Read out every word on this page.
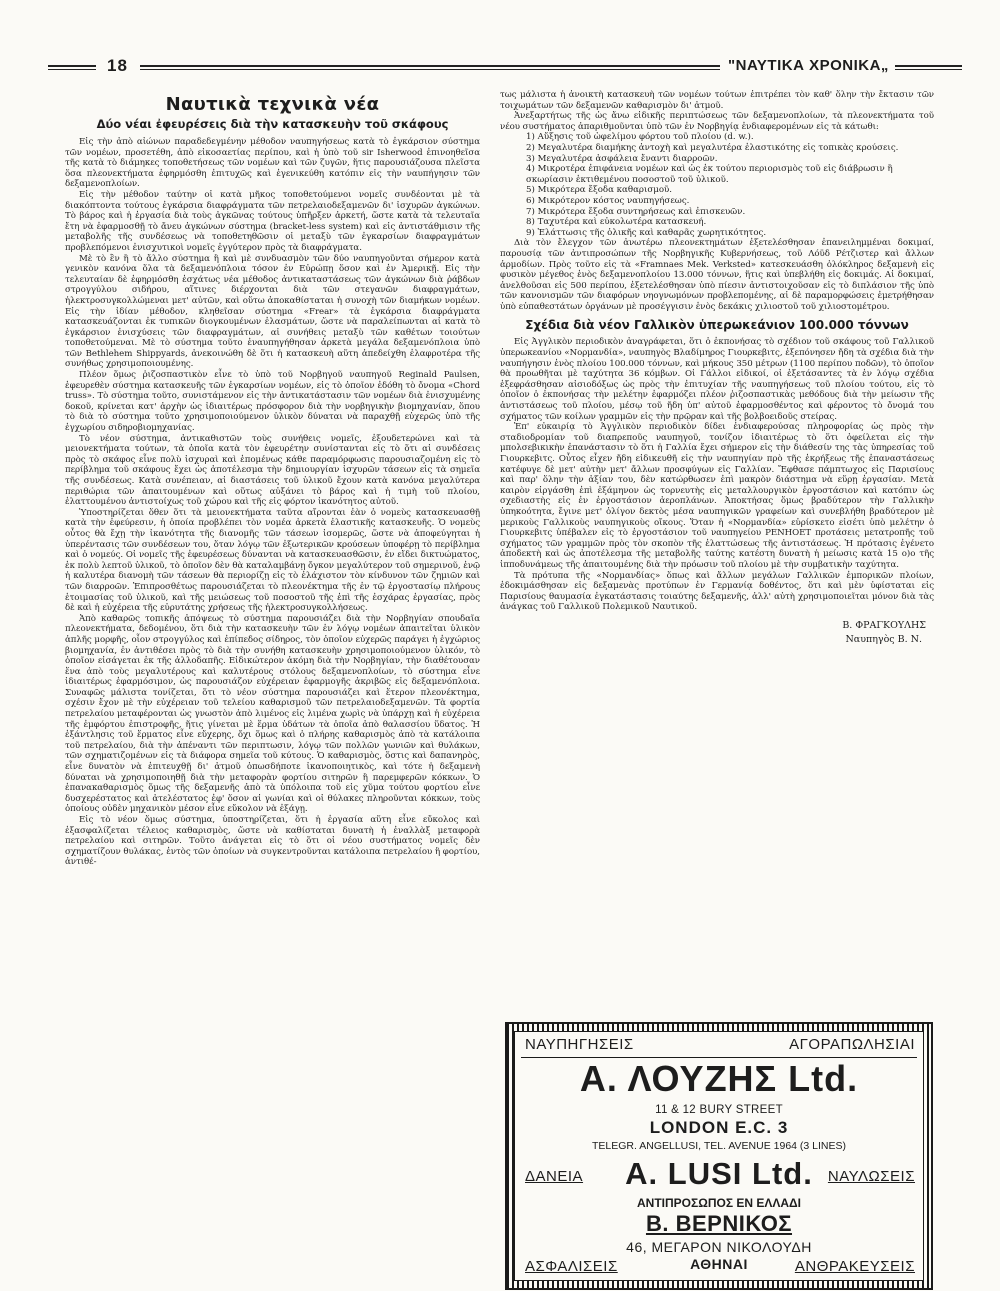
18	"ΝΑΥΤΙΚΑ ΧΡΟΝΙΚΑ„
Ναυτικὰ τεχνικὰ νέα
Δύο νέαι ἐφευρέσεις διὰ τὴν κατασκευὴν τοῦ σκάφους

Εἰς τὴν ἀπὸ αἰώνων παραδεδεγμένην μέθοδον ναυπηγήσεως κατὰ τὸ ἐγκάρσιον σύστημα τῶν νομέων, προσετέθη, ἀπὸ εἰκοσαετίας περίπου, καὶ ἡ ὑπὸ τοῦ sir Isherwood ἐπινοηθεῖσα τῆς κατὰ τὸ διάμηκες τοποθετήσεως τῶν νομέων καὶ τῶν ζυγῶν, ἥτις παρουσιάζουσα πλεῖστα ὅσα πλεονεκτήματα ἐφηρμόσθη ἐπιτυχῶς καὶ ἐγενικεύθη κατόπιν εἰς τὴν ναυπήγησιν τῶν δεξαμενοπλοίων.

Εἰς τὴν μέθοδον ταύτην οἱ κατὰ μῆκος τοποθετούμενοι νομεῖς συνδέονται μὲ τὰ διακόπτοντα τούτους ἐγκάρσια διαφράγματα τῶν πετρελαιοδεξαμενῶν δι' ἰσχυρῶν ἀγκώνων. Τὸ βάρος καὶ ἡ ἐργασία διὰ τοὺς ἀγκῶνας τούτους ὑπῆρξεν ἀρκετή, ὥστε κατὰ τὰ τελευταῖα ἔτη νὰ ἐφαρμοσθῇ τὸ ἄνευ ἀγκώνων σύστημα (bracket-less system) καὶ εἰς ἀντιστάθμισιν τῆς μεταβολῆς τῆς συνδέσεως νὰ τοποθετηθῶσιν οἱ μεταξὺ τῶν ἐγκαρσίων διαφραγμάτων προβλεπόμενοι ἐνισχυτικοὶ νομεῖς ἐγγύτερον πρὸς τὰ διαφράγματα.

Μὲ τὸ ἓν ἢ τὸ ἄλλο σύστημα ἢ καὶ μὲ συνδυασμὸν τῶν δύο ναυπηγοῦνται σήμερον κατὰ γενικὸν κανόνα ὅλα τὰ δεξαμενόπλοια τόσον ἐν Εὐρώπῃ ὅσον καὶ ἐν Ἀμερικῇ. Εἰς τὴν τελευταίαν δὲ ἐφηρμόσθη ἐσχάτως νέα μέθοδος ἀντικαταστάσεως τῶν ἀγκώνων διὰ ῥάβδων στρογγύλου σιδήρου, αἵτινες διέρχονται διὰ τῶν στεγανῶν διαφραγμάτων, ἠλεκτροσυγκολλώμεναι μετ' αὐτῶν, καὶ οὕτω ἀποκαθίσταται ἡ συνοχὴ τῶν διαμήκων νομέων. Εἰς τὴν ἰδίαν μέθοδον, κληθεῖσαν σύστημα «Frear» τὰ ἐγκάρσια διαφράγματα κατασκευάζονται ἐκ τυπικῶν διογκουμένων ἐλασμάτων, ὥστε νὰ παραλείπωνται αἱ κατὰ τὸ ἐγκάρσιον ἐνισχύσεις τῶν διαφραγμάτων, αἱ συνήθεις μεταξὺ τῶν καθέτων τοιούτων τοποθετούμεναι. Μὲ τὸ σύστημα τοῦτο ἐναυπηγήθησαν ἀρκετὰ μεγάλα δεξαμενόπλοια ὑπὸ τῶν Bethlehem Shippyards, ἀνεκοινώθη δὲ ὅτι ἡ κατασκευὴ αὕτη ἀπεδείχθη ἐλαφροτέρα τῆς συνήθως χρησιμοποιουμένης.

Πλέον ὅμως ῥιζοσπαστικὸν εἶνε τὸ ὑπὸ τοῦ Νορβηγοῦ ναυπηγοῦ Reginald Paulsen, ἐφευρεθὲν σύστημα κατασκευῆς τῶν ἐγκαρσίων νομέων, εἰς τὸ ὁποῖον ἐδόθη τὸ ὄνομα «Chord truss». Τὸ σύστημα τοῦτο, συνιστάμενον εἰς τὴν ἀντικατάστασιν τῶν νομέων διὰ ἐνισχυμένης δοκοῦ, κρίνεται κατ' ἀρχὴν ὡς ἰδιαιτέρως πρόσφορον διὰ τὴν νορβηγικὴν βιομηχανίαν, ὅπου τὸ διὰ τὸ σύστημα τοῦτο χρησιμοποιούμενον ὑλικὸν δύναται νὰ παραχθῇ εὐχερῶς ὑπὸ τῆς ἐγχωρίου σιδηροβιομηχανίας.

Τὸ νέον σύστημα, ἀντικαθιστῶν τοὺς συνήθεις νομεῖς, ἐξουδετερώνει καὶ τὰ μειονεκτήματα τούτων, τὰ ὁποῖα κατὰ τὸν ἐφευρέτην συνίστανται εἰς τὸ ὅτι αἱ συνδέσεις πρὸς τὸ σκάφος εἶνε πολὺ ἰσχυραὶ καὶ ἑπομένως κάθε παραμόρφωσις παρουσιαζομένη εἰς τὸ περίβλημα τοῦ σκάφους ἔχει ὡς ἀποτέλεσμα τὴν δημιουργίαν ἰσχυρῶν τάσεων εἰς τὰ σημεῖα τῆς συνδέσεως. Κατὰ συνέπειαν, αἱ διαστάσεις τοῦ ὑλικοῦ ἔχουν κατὰ κανόνα μεγαλύτερα περιθώρια τῶν ἀπαιτουμένων καὶ οὕτως αὐξάνει τὸ βάρος καὶ ἡ τιμὴ τοῦ πλοίου, ἐλαττουμένου ἀντιστοίχως τοῦ χώρου καὶ τῆς εἰς φόρτον ἱκανότητος αὐτοῦ.

Ὑποστηρίζεται ὅθεν ὅτι τὰ μειονεκτήματα ταῦτα αἴρονται ἐὰν ὁ νομεὺς κατασκευασθῇ κατὰ τὴν ἐφεύρεσιν, ἡ ὁποία προβλέπει τὸν νομέα ἀρκετὰ ἐλαστικῆς κατασκευῆς. Ὁ νομεὺς οὗτος θὰ ἔχῃ τὴν ἱκανότητα τῆς διανομῆς τῶν τάσεων ἰσομερῶς, ὥστε νὰ ἀποφεύγηται ἡ ὑπερέντασις τῶν συνδέσεων του, ὅταν λόγῳ τῶν ἐξωτερικῶν κρούσεων ὑποφέρῃ τὸ περίβλημα καὶ ὁ νομεύς. Οἱ νομεῖς τῆς ἐφευρέσεως δύνανται νὰ κατασκευασθῶσιν, ἐν εἴδει δικτυώματος, ἐκ πολὺ λεπτοῦ ὑλικοῦ, τὸ ὁποῖον δὲν θὰ καταλαμβάνῃ ὄγκον μεγαλύτερον τοῦ σημερινοῦ, ἐνῷ ἡ καλυτέρα διανομὴ τῶν τάσεων θὰ περιορίζῃ εἰς τὸ ἐλάχιστον τὸν κίνδυνον τῶν ζημιῶν καὶ τῶν διαρροῶν. Ἐπιπροσθέτως παρουσιάζεται τὸ πλεονέκτημα τῆς ἐν τῷ ἐργοστασίῳ πλήρους ἑτοιμασίας τοῦ ὑλικοῦ, καὶ τῆς μειώσεως τοῦ ποσοστοῦ τῆς ἐπὶ τῆς ἐσχάρας ἐργασίας, πρὸς δὲ καὶ ἡ εὐχέρεια τῆς εὐρυτάτης χρήσεως τῆς ἠλεκτροσυγκολλήσεως.

Ἀπὸ καθαρῶς τοπικῆς ἀπόψεως τὸ σύστημα παρουσιάζει διὰ τὴν Νορβηγίαν σπουδαῖα πλεονεκτήματα, δεδομένου, ὅτι διὰ τὴν κατασκευὴν τῶν ἐν λόγῳ νομέων ἀπαιτεῖται ὑλικὸν ἁπλῆς μορφῆς, οἷον στρογγύλος καὶ ἐπίπεδος σίδηρος, τὸν ὁποῖον εὐχερῶς παράγει ἡ ἐγχώριος βιομηχανία, ἐν ἀντιθέσει πρὸς τὸ διὰ τὴν συνήθη κατασκευὴν χρησιμοποιούμενον ὑλικόν, τὸ ὁποῖον εἰσάγεται ἐκ τῆς ἀλλοδαπῆς. Εἰδικώτερον ἀκόμη διὰ τὴν Νορβηγίαν, τὴν διαθέτουσαν ἕνα ἀπὸ τοὺς μεγαλυτέρους καὶ καλυτέρους στόλους δεξαμενοπλοίων, τὸ σύστημα εἶνε ἰδιαιτέρως ἐφαρμόσιμον, ὡς παρουσιάζον εὐχέρειαν ἐφαρμογῆς ἀκριβῶς εἰς δεξαμενόπλοια. Συναφῶς μάλιστα τονίζεται, ὅτι τὸ νέον σύστημα παρουσιάζει καὶ ἕτερον πλεονέκτημα, σχέσιν ἔχον μὲ τὴν εὐχέρειαν τοῦ τελείου καθαρισμοῦ τῶν πετρελαιοδεξαμενῶν. Τὰ φορτία πετρελαίου μεταφέρονται ὡς γνωστὸν ἀπὸ λιμένος εἰς λιμένα χωρὶς νὰ ὑπάρχῃ καὶ ἡ εὐχέρεια τῆς ἐμφόρτου ἐπιστροφῆς, ἥτις γίνεται μὲ ἕρμα ὑδάτων τὰ ὁποῖα ἀπὸ θαλασσίου ὕδατος. Ἡ ἐξάντλησις τοῦ ἕρματος εἶνε εὔχερης, ὄχι ὅμως καὶ ὁ πλήρης καθαρισμὸς ἀπὸ τὰ κατάλοιπα τοῦ πετρελαίου, διὰ τὴν ἀπέναντι τῶν περιπτωσιν, λόγῳ τῶν πολλῶν γωνιῶν καὶ θυλάκων, τῶν σχηματιζομένων εἰς τὰ διάφορα σημεῖα τοῦ κύτους. Ὁ καθαρισμὸς, ὅστις καὶ δαπανηρὸς, εἶνε δυνατὸν νὰ ἐπιτευχθῇ δι' ἀτμοῦ ὁπωσδήποτε ἱκανοποιητικὸς, καὶ τότε ἡ δεξαμενὴ δύναται νὰ χρησιμοποιηθῇ διὰ τὴν μεταφορὰν φορτίου σιτηρῶν ἢ παρεμφερῶν κόκκων. Ὁ ἐπανακαθαρισμὸς ὅμως τῆς δεξαμενῆς ἀπὸ τὰ ὑπόλοιπα τοῦ εἰς χῦμα τούτου φορτίου εἶνε δυσχερέστατος καὶ ἀτελέστατος ἐφ' ὅσον αἱ γωνίαι καὶ οἱ θύλακες πληροῦνται κόκκων, τοὺς ὁποίους οὐδὲν μηχανικὸν μέσον εἶνε εὔκολον νὰ ἐξάγῃ.

Εἰς τὸ νέον ὅμως σύστημα, ὑποστηρίζεται, ὅτι ἡ ἐργασία αὕτη εἶνε εὔκολος καὶ ἐξασφαλίζεται τέλειος καθαρισμὸς, ὥστε νὰ καθίσταται δυνατὴ ἡ ἐναλλὰξ μεταφορὰ πετρελαίου καὶ σιτηρῶν. Τοῦτο ἀνάγεται εἰς τὸ ὅτι οἱ νέου συστήματος νομεῖς δὲν σχηματίζουν θυλάκας, ἐντὸς τῶν ὁποίων νὰ συγκεντροῦνται κατάλοιπα πετρελαίου ἢ φορτίου, ἀντιθέ-

τως μάλιστα ἡ ἀνοικτὴ κατασκευὴ τῶν νομέων τούτων ἐπιτρέπει τὸν καθ' ὅλην τὴν ἔκτασιν τῶν τοιχωμάτων τῶν δεξαμενῶν καθαρισμὸν δι' ἀτμοῦ.

Ἀνεξαρτήτως τῆς ὡς ἄνω εἰδικῆς περιπτώσεως τῶν δεξαμενοπλοίων, τὰ πλεονεκτήματα τοῦ νέου συστήματος ἀπαριθμοῦνται ὑπὸ τῶν ἐν Νορβηγίᾳ ἐνδιαφερομένων εἰς τὰ κάτωθι:

1) Αὔξησις τοῦ ὠφελίμου φόρτου τοῦ πλοίου (d. w.).
2) Μεγαλυτέρα διαμήκης ἀντοχὴ καὶ μεγαλυτέρα ἐλαστικότης εἰς τοπικὰς κρούσεις.
3) Μεγαλυτέρα ἀσφάλεια ἔναντι διαρροῶν.
4) Μικροτέρα ἐπιφάνεια νομέων καὶ ὡς ἐκ τούτου περιορισμὸς τοῦ εἰς διάβρωσιν ἢ σκωρίασιν ἐκτιθεμένου ποσοστοῦ τοῦ ὑλικοῦ.
5) Μικρότερα ἔξοδα καθαρισμοῦ.
6) Μικρότερον κόστος ναυπηγήσεως.
7) Μικρότερα ἔξοδα συντηρήσεως καὶ ἐπισκευῶν.
8) Ταχυτέρα καὶ εὐκολωτέρα κατασκευή.
9) Ἐλάττωσις τῆς ὁλικῆς καὶ καθαρᾶς χωρητικότητος.

Διὰ τὸν ἔλεγχον τῶν ἀνωτέρω πλεονεκτημάτων ἐξετελέσθησαν ἐπανειλημμέναι δοκιμαί, παρουσίᾳ τῶν ἀντιπροσώπων τῆς Νορβηγικῆς Κυβερνήσεως, τοῦ Λόϋδ Ρέτζιστερ καὶ ἄλλων ἁρμοδίων. Πρὸς τοῦτο εἰς τὰ «Framnaes Mek. Verksted» κατεσκευάσθη ὁλόκληρος δεξαμενὴ εἰς φυσικὸν μέγεθος ἑνὸς δεξαμενοπλοίου 13.000 τόννων, ἥτις καὶ ὑπεβλήθη εἰς δοκιμάς. Αἱ δοκιμαί, ἀνελθοῦσαι εἰς 500 περίπου, ἐξετελέσθησαν ὑπὸ πίεσιν ἀντιστοιχοῦσαν εἰς τὸ διπλάσιον τῆς ὑπὸ τῶν κανονισμῶν τῶν διαφόρων νηογνωμόνων προβλεπομένης, αἱ δὲ παραμορφώσεις ἐμετρήθησαν ὑπὸ εὐπαθεστάτων ὀργάνων μὲ προσέγγισιν ἑνὸς δεκάκις χιλιοστοῦ τοῦ χιλιοστομέτρου.

Σχέδια διὰ νέον Γαλλικὸν ὑπερωκεάνιον 100.000 τόννων

Εἰς Ἀγγλικὸν περιοδικὸν ἀναγράφεται, ὅτι ὁ ἐκπονήσας τὸ σχέδιον τοῦ σκάφους τοῦ Γαλλικοῦ ὑπερωκεανίου «Νορμανδία», ναυπηγὸς Βλαδίμηρος Γιουρκεβιτς, ἐξεπόνησεν ἤδη τὰ σχέδια διὰ τὴν ναυπήγησιν ἑνὸς πλοίου 100.000 τόννων, καὶ μήκους 350 μέτρων (1100 περίπου ποδῶν), τὸ ὁποῖον θὰ προωθῆται μὲ ταχύτητα 36 κόμβων. Οἱ Γάλλοι εἰδικοί, οἱ ἐξετάσαντες τὰ ἐν λόγῳ σχέδια ἐξεφράσθησαν αἰσιοδόξως ὡς πρὸς τὴν ἐπιτυχίαν τῆς ναυπηγήσεως τοῦ πλοίου τούτου, εἰς τὸ ὁποῖον ὁ ἐκπονήσας τὴν μελέτην ἐφαρμόζει πλέον ῥιζοσπαστικὰς μεθόδους διὰ τὴν μείωσιν τῆς ἀντιστάσεως τοῦ πλοίου, μέσῳ τοῦ ἤδη ὑπ' αὐτοῦ ἐφαρμοσθέντος καὶ φέροντος τὸ ὄνομά του σχήματος τῶν κοίλων γραμμῶν εἰς τὴν πρῷραν καὶ τῆς βολβοειδοῦς στείρας.

Ἐπ' εὐκαιρίᾳ τὸ Ἀγγλικὸν περιοδικὸν δίδει ἐνδιαφερούσας πληροφορίας ὡς πρὸς τὴν σταδιοδρομίαν τοῦ διαπρεποῦς ναυπηγοῦ, τονίζον ἰδιαιτέρως τὸ ὅτι ὀφείλεται εἰς τὴν μπολσεβικικὴν ἐπανάστασιν τὸ ὅτι ἡ Γαλλία ἔχει σήμερον εἰς τὴν διάθεσίν της τὰς ὑπηρεσίας τοῦ Γιουρκεβιτς. Οὗτος εἶχεν ἤδη εἰδικευθῆ εἰς τὴν ναυπηγίαν πρὸ τῆς ἐκρήξεως τῆς ἐπαναστάσεως κατέφυγε δὲ μετ' αὐτὴν μετ' ἄλλων προσφύγων εἰς Γαλλίαν. Ἔφθασε πάμπτωχος εἰς Παρισίους καὶ παρ' ὅλην τὴν ἀξίαν του, δὲν κατώρθωσεν ἐπὶ μακρὸν διάστημα νὰ εὕρῃ ἐργασίαν. Μετὰ καιρὸν εἰργάσθη ἐπὶ ἐξάμηνον ὡς τορνευτὴς εἰς μεταλλουργικὸν ἐργοστάσιον καὶ κατόπιν ὡς σχεδιαστὴς εἰς ἐν ἐργοστάσιον ἀεροπλάνων. Ἀποκτήσας ὅμως βραδύτερον τὴν Γαλλικὴν ὑπηκοότητα, ἔγινε μετ' ὀλίγον δεκτὸς μέσα ναυπηγικῶν γραφείων καὶ συνεβλήθη βραδύτερον μὲ μερικοὺς Γαλλικοὺς ναυπηγικοὺς οἴκους. Ὅταν ἡ «Νορμανδία» εὑρίσκετο εἰσέτι ὑπὸ μελέτην ὁ Γιουρκεβιτς ὑπέβαλεν εἰς τὸ ἐργοστάσιον τοῦ ναυπηγείου ΡΕΝΗΟΕΤ προτάσεις μετατροπῆς τοῦ σχήματος τῶν γραμμῶν πρὸς τὸν σκοπὸν τῆς ἐλαττώσεως τῆς ἀντιστάσεως. Ἡ πρότασις ἐγένετο ἀποδεκτὴ καὶ ὡς ἀποτέλεσμα τῆς μεταβολῆς ταύτης κατέστη δυνατὴ ἡ μείωσις κατὰ 15 ο)ο τῆς ἱπποδυνάμεως τῆς ἀπαιτουμένης διὰ τὴν πρόωσιν τοῦ πλοίου μὲ τὴν συμβατικὴν ταχύτητα.

Τὰ πρότυπα τῆς «Νορμανδίας» ὅπως καὶ ἄλλων μεγάλων Γαλλικῶν ἐμπορικῶν πλοίων, ἐδοκιμάσθησαν εἰς δεξαμενὰς προτύπων ἐν Γερμανίᾳ δοθέντος, ὅτι καὶ μὲν ὑφίσταται εἰς Παρισίους θαυμασία ἐγκατάστασις τοιαύτης δεξαμενῆς, ἀλλ' αὐτὴ χρησιμοποιεῖται μόνον διὰ τὰς ἀνάγκας τοῦ Γαλλικοῦ Πολεμικοῦ Ναυτικοῦ.

Β. ΦΡΑΓΚΟΥΛΗΣ
Ναυπηγὸς Β. Ν.
ΝΑΥΠΗΓΗΣΕΙΣ	ΑΓΟΡΑΠΩΛΗΣΙΑΙ
Α. ΛΟΥΖΗΣ Ltd.
11 & 12 BURY STREET
LONDON E.C. 3
TELEGR. ANGELLUSI, TEL. AVENUE 1964 (3 LINES)
ΔΑΝΕΙΑ	A. LUSI Ltd.	ΝΑΥΛΩΣΕΙΣ
ΑΝΤΙΠΡΟΣΩΠΟΣ ΕΝ ΕΛΛΑΔΙ
Β. ΒΕΡΝΙΚΟΣ
46, ΜΕΓΑΡΟΝ ΝΙΚΟΛΟΥΔΗ
ΑΘΗΝΑΙ
ΑΣΦΑΛΙΣΕΙΣ	ΑΝΘΡΑΚΕΥΣΕΙΣ
